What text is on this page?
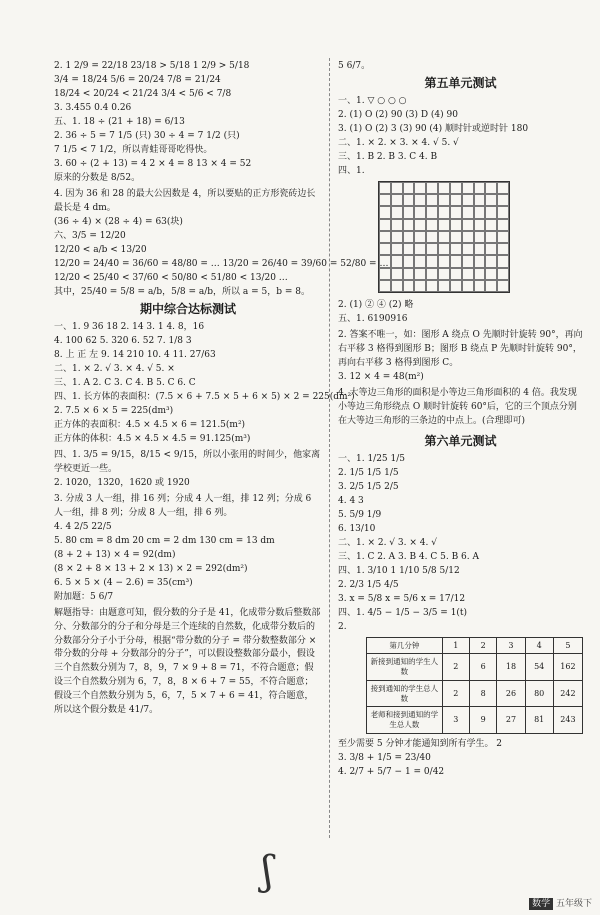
2. 1 2/9 = 22/18 23/18 > 5/18 1 2/9 > 5/18
3/4 = 18/24 5/6 = 20/24 7/8 = 21/24
18/24 < 20/24 < 21/24 3/4 < 5/6 < 7/8
3. 3.455 0.4 0.26
五、1. 18 ÷ (21 + 18) = 6/13
2. 36 ÷ 5 = 7 1/5 (只) 30 ÷ 4 = 7 1/2 (只)
7 1/5 < 7 1/2，所以青蛙哥哥吃得快。
3. 60 ÷ (2 + 13) = 4 2 × 4 = 8 13 × 4 = 52
原来的分数是 8/52。
4. 因为 36 和 28 的最大公因数是 4，所以要贴的正方形瓷砖边长最长是 4 dm。
(36 ÷ 4) × (28 ÷ 4) = 63(块)
六、3/5 = 12/20
12/20 < a/b < 13/20
12/20 = 24/40 = 36/60 = 48/80 = … 13/20 = 26/40 = 39/60 = 52/80 = …
12/20 < 25/40 < 37/60 < 50/80 < 51/80 < 13/20 …
其中，25/40 = 5/8 = a/b，5/8 = a/b，所以 a = 5，b = 8。
期中综合达标测试
一、1. 9 36 18 2. 14 3. 1 4. 8，16
4. 100 62 5. 320 6. 52 7. 1/8 3
8. 上 正 左 9. 14 210 10. 4 11. 27/63
二、1. × 2. √ 3. × 4. √ 5. ×
三、1. A 2. C 3. C 4. B 5. C 6. C
四、1. 长方体的表面积：(7.5 × 6 + 7.5 × 5 + 6 × 5) × 2 = 225(dm²)
2. 7.5 × 6 × 5 = 225(dm³)
正方体的表面积：4.5 × 4.5 × 6 = 121.5(m²)
正方体的体积：4.5 × 4.5 × 4.5 = 91.125(m³)
四、1. 3/5 = 9/15，8/15 < 9/15，所以小张用的时间少，他家离学校更近一些。
2. 1020，1320，1620 或 1920
3. 分成 3 人一组，排 16 列；分成 4 人一组，排 12 列；分成 6 人一组，排 8 列；分成 8 人一组，排 6 列。
4. 4 2/5 22/5
5. 80 cm = 8 dm 20 cm = 2 dm 130 cm = 13 dm
(8 + 2 + 13) × 4 = 92(dm)
(8 × 2 + 8 × 13 + 2 × 13) × 2 = 292(dm²)
6. 5 × 5 × (4 − 2.6) = 35(cm³)
附加题：5 6/7
解题指导：由题意可知，假分数的分子是 41，化成带分数后整数部分、分数部分的分子和分母是三个连续的自然数，化成带分数后的分数部分分子小于分母，根据“带分数的分子 = 带分数整数部分 × 带分数的分母 + 分数部分的分子”，可以假设整数部分最小，假设三个自然数分别为 7，8，9，7 × 9 + 8 = 71，不符合题意；假设三个自然数分别为 6，7，8，8 × 6 + 7 = 55，不符合题意；假设三个自然数分别为 5，6，7，5 × 7 + 6 = 41，符合题意，所以这个假分数是 41/7。
5 6/7。
第五单元测试
一、1. ▽ ○ ○ ○
2. (1) O (2) 90 (3) D (4) 90
3. (1) O (2) 3 (3) 90 (4) 顺时针或逆时针 180
二、1. × 2. × 3. × 4. √ 5. √
三、1. B 2. B 3. C 4. B
四、1.
2. (1) ② ④ (2) 略
五、1. 6190916
2. 答案不唯一，如：图形 A 绕点 O 先顺时针旋转 90°，再向右平移 3 格得到图形 B；图形 B 绕点 P 先顺时针旋转 90°，再向右平移 3 格得到图形 C。
3. 12 × 4 = 48(m²)
4. 大等边三角形的面积是小等边三角形面积的 4 倍。我发现小等边三角形绕点 O 顺时针旋转 60°后，它的三个顶点分别在大等边三角形的三条边的中点上。(合理即可)
第六单元测试
一、1. 1/25 1/5
2. 1/5 1/5 1/5
3. 2/5 1/5 2/5
4. 4 3
5. 5/9 1/9
6. 13/10
二、1. × 2. √ 3. × 4. √
三、1. C 2. A 3. B 4. C 5. B 6. A
四、1. 3/10 1 1/10 5/8 5/12
2. 2/3 1/5 4/5
3. x = 5/8 x = 5/6 x = 17/12
四、1. 4/5 − 1/5 − 3/5 = 1(t)
2.
第几分钟	1	2	3	4	5
新接到通知的学生人数	2	6	18	54	162
接到通知的学生总人数	2	8	26	80	242
老师和接到通知的学生总人数	3	9	27	81	243
至少需要 5 分钟才能通知到所有学生。 2
3. 3/8 + 1/5 = 23/40
4. 2/7 + 5/7 − 1 = 0/42
数学 五年级下
ʃ
